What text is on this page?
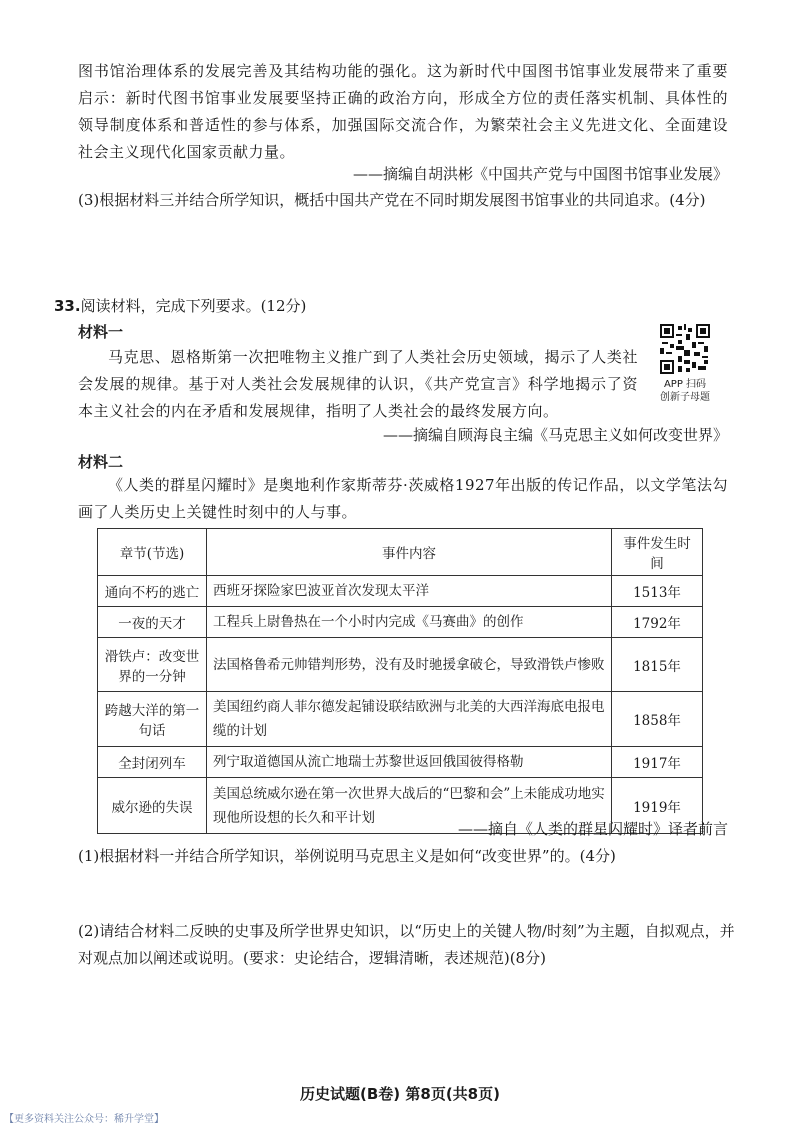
图书馆治理体系的发展完善及其结构功能的强化。这为新时代中国图书馆事业发展带来了重要启示：新时代图书馆事业发展要坚持正确的政治方向，形成全方位的责任落实机制、具体性的领导制度体系和普适性的参与体系，加强国际交流合作，为繁荣社会主义先进文化、全面建设社会主义现代化国家贡献力量。

——摘编自胡洪彬《中国共产党与中国图书馆事业发展》

(3)根据材料三并结合所学知识，概括中国共产党在不同时期发展图书馆事业的共同追求。(4分)

33.阅读材料，完成下列要求。(12分)

材料一

马克思、恩格斯第一次把唯物主义推广到了人类社会历史领域，揭示了人类社会发展的规律。基于对人类社会发展规律的认识，《共产党宣言》科学地揭示了资本主义社会的内在矛盾和发展规律，指明了人类社会的最终发展方向。

——摘编自顾海良主编《马克思主义如何改变世界》

APP 扫码
创新子母题

材料二

《人类的群星闪耀时》是奥地利作家斯蒂芬·茨威格1927年出版的传记作品，以文学笔法勾画了人类历史上关键性时刻中的人与事。

章节(节选)	事件内容	事件发生时间
通向不朽的逃亡	西班牙探险家巴波亚首次发现太平洋	1513年
一夜的天才	工程兵上尉鲁热在一个小时内完成《马赛曲》的创作	1792年
滑铁卢：改变世界的一分钟	法国格鲁希元帅错判形势，没有及时驰援拿破仑，导致滑铁卢惨败	1815年
跨越大洋的第一句话	美国纽约商人菲尔德发起铺设联结欧洲与北美的大西洋海底电报电缆的计划	1858年
全封闭列车	列宁取道德国从流亡地瑞士苏黎世返回俄国彼得格勒	1917年
威尔逊的失误	美国总统威尔逊在第一次世界大战后的“巴黎和会”上未能成功地实现他所设想的长久和平计划	1919年

——摘自《人类的群星闪耀时》译者前言

(1)根据材料一并结合所学知识，举例说明马克思主义是如何“改变世界”的。(4分)

(2)请结合材料二反映的史事及所学世界史知识，以“历史上的关键人物/时刻”为主题，自拟观点，并对观点加以阐述或说明。(要求：史论结合，逻辑清晰，表述规范)(8分)

历史试题(B卷) 第8页(共8页)
【更多资料关注公众号：稀升学堂】
